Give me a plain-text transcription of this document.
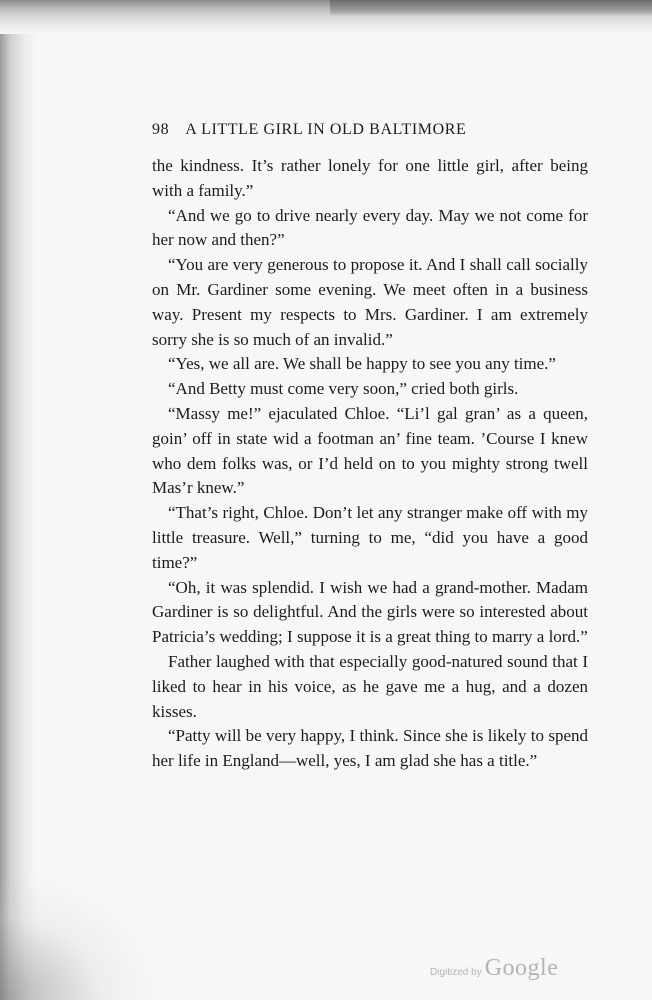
98 A LITTLE GIRL IN OLD BALTIMORE

the kindness. It’s rather lonely for one little girl, after being with a family.”

“And we go to drive nearly every day. May we not come for her now and then?”

“You are very generous to propose it. And I shall call socially on Mr. Gardiner some evening. We meet often in a business way. Present my respects to Mrs. Gardiner. I am extremely sorry she is so much of an invalid.”

“Yes, we all are. We shall be happy to see you any time.”

“And Betty must come very soon,” cried both girls.

“Massy me!” ejaculated Chloe. “Li’l gal gran’ as a queen, goin’ off in state wid a footman an’ fine team. ’Course I knew who dem folks was, or I’d held on to you mighty strong twell Mas’r knew.”

“That’s right, Chloe. Don’t let any stranger make off with my little treasure. Well,” turning to me, “did you have a good time?”

“Oh, it was splendid. I wish we had a grand-mother. Madam Gardiner is so delightful. And the girls were so interested about Patricia’s wedding; I suppose it is a great thing to marry a lord.”

Father laughed with that especially good-natured sound that I liked to hear in his voice, as he gave me a hug, and a dozen kisses.

“Patty will be very happy, I think. Since she is likely to spend her life in England—well, yes, I am glad she has a title.”

Digitized by Google
